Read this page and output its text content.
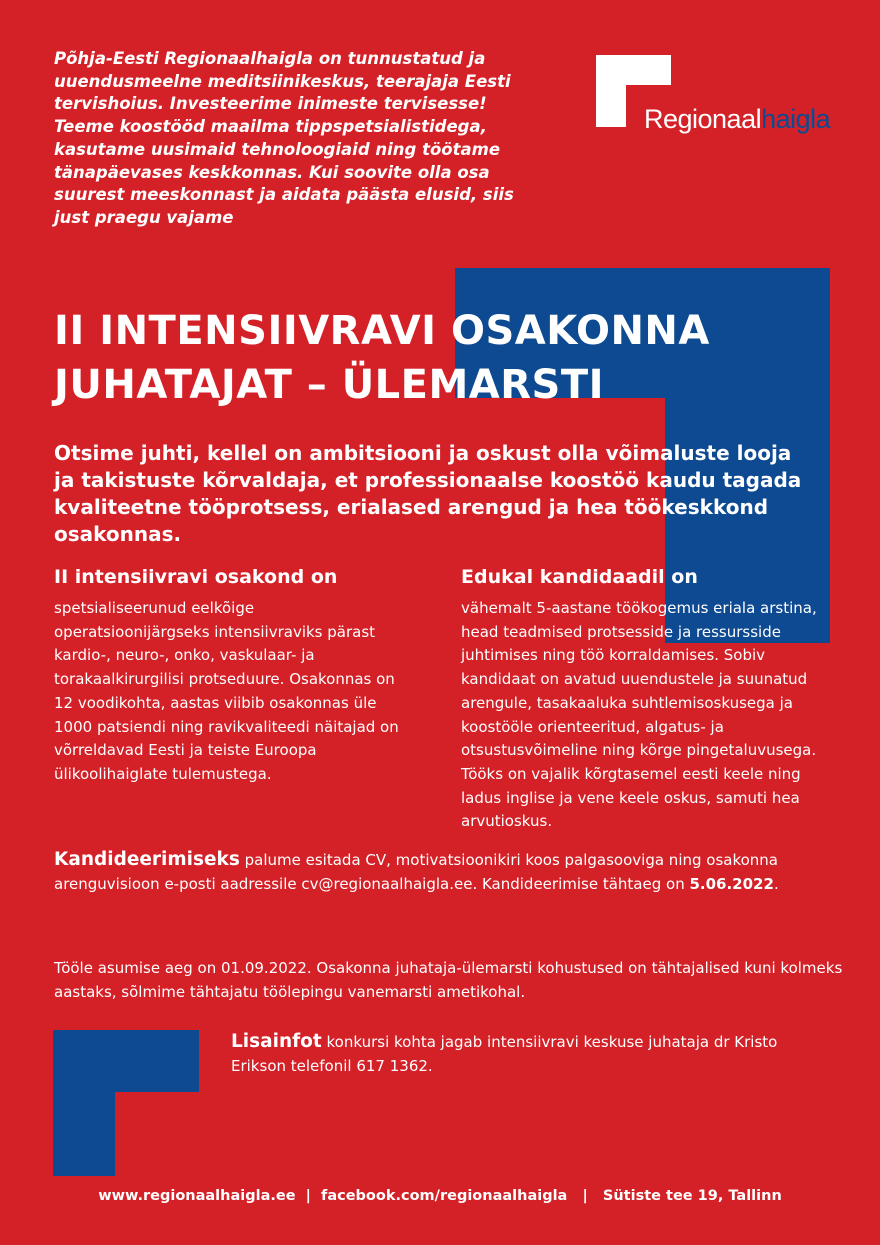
Põhja-Eesti Regionaalhaigla on tunnustatud ja uuendusmeelne meditsiinikeskus, teerajaja Eesti tervishoius. Investeerime inimeste tervisesse! Teeme koostööd maailma tippspetsialistidega, kasutame uusimaid tehnoloogiaid ning töötame tänapäevases keskkonnas. Kui soovite olla osa suurest meeskonnast ja aidata päästa elusid, siis just praegu vajame

Regionaalhaigla
II INTENSIIVRAVI OSAKONNA
JUHATAJAT – ÜLEMARSTI

Otsime juhti, kellel on ambitsiooni ja oskust olla võimaluste looja ja takistuste kõrvaldaja, et professionaalse koostöö kaudu tagada kvaliteetne tööprotsess, erialased arengud ja hea töökeskkond osakonnas.

II intensiivravi osakond on

spetsialiseerunud eelkõige operatsioonijärgseks intensiivraviks pärast kardio-, neuro-, onko, vaskulaar- ja torakaalkirurgilisi protseduure. Osakonnas on 12 voodikohta, aastas viibib osakonnas üle 1000 patsiendi ning ravikvaliteedi näitajad on võrreldavad Eesti ja teiste Euroopa ülikoolihaiglate tulemustega.

Edukal kandidaadil on

vähemalt 5-aastane töökogemus eriala arstina, head teadmised protsesside ja ressursside juhtimises ning töö korraldamises. Sobiv kandidaat on avatud uuendustele ja suunatud arengule, tasakaaluka suhtlemisoskusega ja koostööle orienteeritud, algatus- ja otsustusvõimeline ning kõrge pingetaluvusega. Tööks on vajalik kõrgtasemel eesti keele ning ladus inglise ja vene keele oskus, samuti hea arvutioskus.

Kandideerimiseks palume esitada CV, motivatsioonikiri koos palgasooviga ning osakonna arenguvisioon e-posti aadressile cv@regionaalhaigla.ee. Kandideerimise tähtaeg on 5.06.2022.

Tööle asumise aeg on 01.09.2022. Osakonna juhataja-ülemarsti kohustused on tähtajalised kuni kolmeks aastaks, sõlmime tähtajatu töölepingu vanemarsti ametikohal.

Lisainfot konkursi kohta jagab intensiivravi keskuse juhataja dr Kristo Erikson telefonil 617 1362.

www.regionaalhaigla.ee  |  facebook.com/regionaalhaigla   |   Sütiste tee 19, Tallinn
